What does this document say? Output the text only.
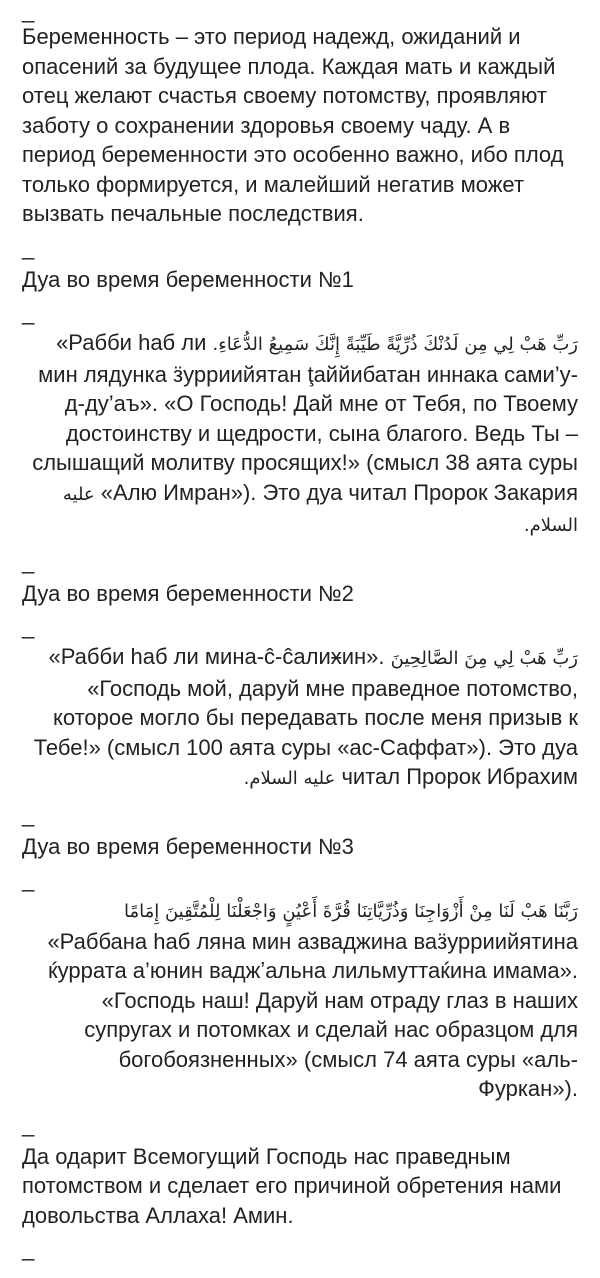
_

Беременность – это период надежд, ожиданий и опасений за будущее плода. Каждая мать и каждый отец желают счастья своему потомству, проявляют заботу о сохранении здоровья своему чаду. А в период беременности это особенно важно, ибо плод только формируется, и малейший негатив может вызвать печальные последствия.

_

Дуа во время беременности №1

_

رَبِّ هَبْ لِي مِن لَدُنْكَ ذُرِّيَّةً طَيِّبَةً إِنَّكَ سَمِيعُ الدُّعَاءِ. «Рабби hаб ли мин лядунка ӟурриийятан ţаййибатан иннака сами’у-д-ду’аъ». «О Господь! Дай мне от Тебя, по Твоему достоинству и щедрости, сына благого. Ведь Ты – слышащий молитву просящих!» (смысл 38 аята суры «Алю Имран»). Это дуа читал Пророк Закария عليه السلام.

_

Дуа во время беременности №2

_

رَبِّ هَبْ لِي مِنَ الصَّالِحِينَ «Рабби hаб ли мина-ĉ-ĉалиӿин». «Господь мой, даруй мне праведное потомство, которое могло бы передавать после меня призыв к Тебе!» (смысл 100 аята суры «ас-Саффат»). Это дуа читал Пророк Ибрахим عليه السلام.

_

Дуа во время беременности №3

_

رَبَّنَا هَبْ لَنَا مِنْ أَزْوَاجِنَا وَذُرِّيَّاتِنَا قُرَّةَ أَعْيُنٍ وَاجْعَلْنَا لِلْمُتَّقِينَ إِمَامًا «Раббана hаб ляна мин азваджина ваӟурриийятина ќуррата а’юнин ваджʼальна лильмуттаќина имама». «Господь наш! Даруй нам отраду глаз в наших супругах и потомках и сделай нас образцом для богобоязненных» (смысл 74 аята суры «аль-Фуркан»).

_

Да одарит Всемогущий Господь нас праведным потомством и сделает его причиной обретения нами довольства Аллаха! Амин.

_
